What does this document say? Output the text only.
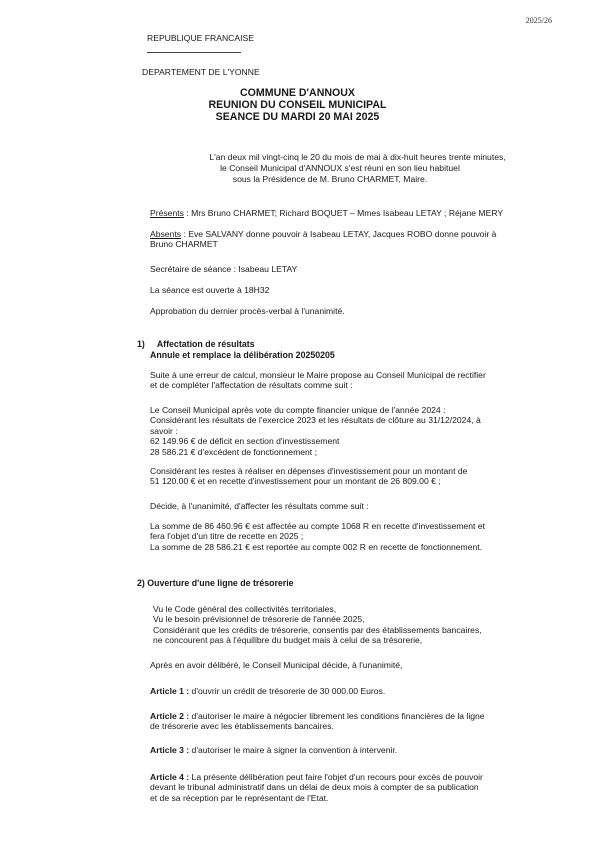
2025/26
REPUBLIQUE FRANCAISE
DEPARTEMENT DE L'YONNE
COMMUNE D'ANNOUX
REUNION DU CONSEIL MUNICIPAL
SEANCE DU MARDI 20 MAI 2025
L'an deux mil vingt-cinq le 20 du mois de mai à dix-huit heures trente minutes,
le Conseil Municipal d'ANNOUX s'est réuni en son lieu habituel
sous la Présidence de M. Bruno CHARMET, Maire.
Présents : Mrs Bruno CHARMET; Richard BOQUET – Mmes Isabeau LETAY ; Réjane MERY

Absents : Eve SALVANY donne pouvoir à Isabeau LETAY, Jacques ROBO donne pouvoir à

Bruno CHARMET

Secrétaire de séance : Isabeau LETAY
La séance est ouverte à 18H32
Approbation du dernier procès-verbal à l'unanimité.
1) Affectation de résultats
Annule et remplace la délibération 20250205

Suite à une erreur de calcul, monsieur le Maire propose au Conseil Municipal de rectifier

et de compléter l'affectation de résultats comme suit :

Le Conseil Municipal après vote du compte financier unique de l'année 2024 :

Considérant les résultats de l'exercice 2023 et les résultats de clôture au 31/12/2024, à

savoir :

62 149.96 € de déficit en section d'investissement

28 586.21 € d'excédent de fonctionnement ;

Considérant les restes à réaliser en dépenses d'investissement pour un montant de

51 120.00 € et en recette d'investissement pour un montant de 26 809.00 € ;

Décide, à l'unanimité, d'affecter les résultats comme suit :

La somme de 86 460.96 € est affectée au compte 1068 R en recette d'investissement et

fera l'objet d'un titre de recette en 2025 ;

La somme de 28 586.21 € est reportée au compte 002 R en recette de fonctionnement.

2) Ouverture d'une ligne de trésorerie

Vu le Code général des collectivités territoriales,

Vu le besoin prévisionnel de trésorerie de l'année 2025,

Considérant que les crédits de trésorerie, consentis par des établissements bancaires,

ne concourent pas à l'équilibre du budget mais à celui de sa trésorerie,

Après en avoir délibéré, le Conseil Municipal décide, à l'unanimité,

Article 1 : d'ouvrir un crédit de trésorerie de 30 000.00 Euros.

Article 2 : d'autoriser le maire à négocier librement les conditions financières de la ligne

de trésorerie avec les établissements bancaires.

Article 3 : d'autoriser le maire à signer la convention à intervenir.

Article 4 : La présente délibération peut faire l'objet d'un recours pour excès de pouvoir

devant le tribunal administratif dans un délai de deux mois à compter de sa publication

et de sa réception par le représentant de l'Etat.
